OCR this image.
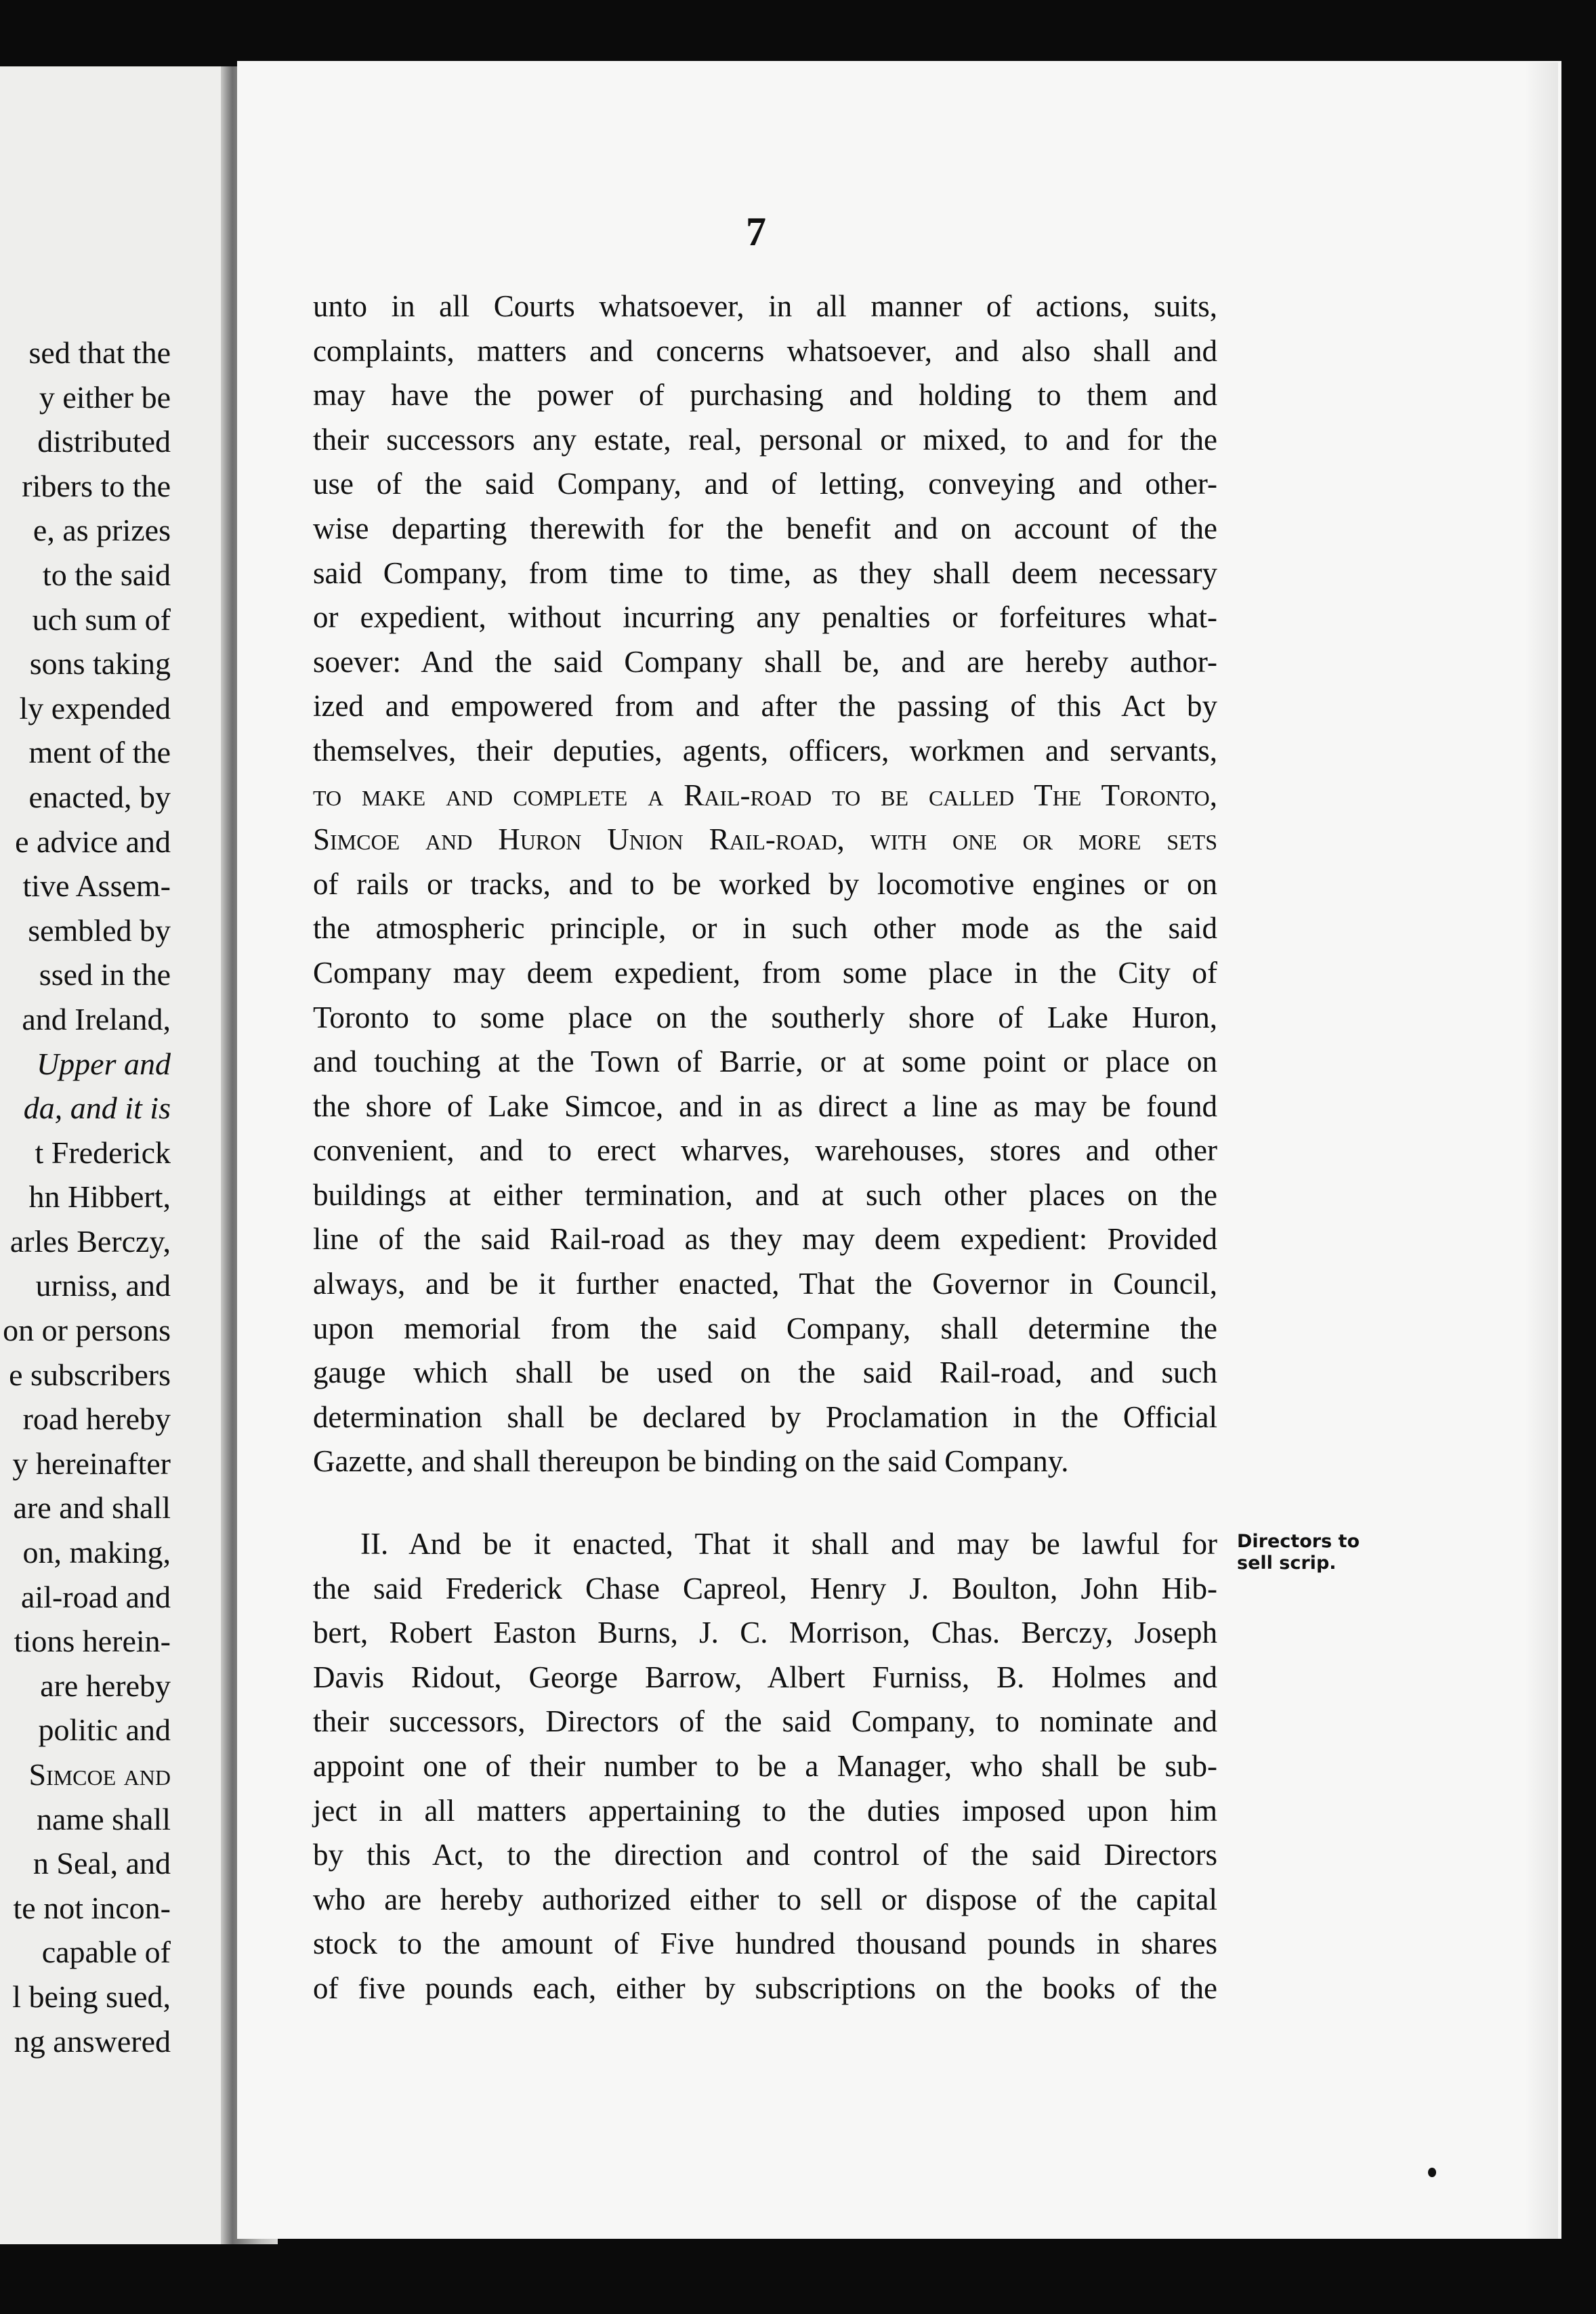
sed that the
y either be
distributed
ribers to the
e, as prizes
to the said
uch sum of
sons taking
ly expended
ment of the
enacted, by
e advice and
tive Assem-
sembled by
ssed in the
and Ireland,
Upper and
da, and it is
t Frederick
hn Hibbert,
arles Berczy,
urniss, and
on or persons
e subscribers
road hereby
y hereinafter
are and shall
on, making,
ail-road and
tions herein-
are hereby
politic and
Simcoe and
name shall
n Seal, and
te not incon-
capable of
l being sued,
ng answered
7
unto in all Courts whatsoever, in all manner of actions, suits,
complaints, matters and concerns whatsoever, and also shall and
may have the power of purchasing and holding to them and
their successors any estate, real, personal or mixed, to and for the
use of the said Company, and of letting, conveying and other-
wise departing therewith for the benefit and on account of the
said Company, from time to time, as they shall deem necessary
or expedient, without incurring any penalties or forfeitures what-
soever: And the said Company shall be, and are hereby author-
ized and empowered from and after the passing of this Act by
themselves, their deputies, agents, officers, workmen and servants,
to make and complete a Rail-road to be called The Toronto,
Simcoe and Huron Union Rail-road, with one or more sets
of rails or tracks, and to be worked by locomotive engines or on
the atmospheric principle, or in such other mode as the said
Company may deem expedient, from some place in the City of
Toronto to some place on the southerly shore of Lake Huron,
and touching at the Town of Barrie, or at some point or place on
the shore of Lake Simcoe, and in as direct a line as may be found
convenient, and to erect wharves, warehouses, stores and other
buildings at either termination, and at such other places on the
line of the said Rail-road as they may deem expedient: Provided
always, and be it further enacted, That the Governor in Council,
upon memorial from the said Company, shall determine the
gauge which shall be used on the said Rail-road, and such
determination shall be declared by Proclamation in the Official
Gazette, and shall thereupon be binding on the said Company.
II. And be it enacted, That it shall and may be lawful for
the said Frederick Chase Capreol, Henry J. Boulton, John Hib-
bert, Robert Easton Burns, J. C. Morrison, Chas. Berczy, Joseph
Davis Ridout, George Barrow, Albert Furniss, B. Holmes and
their successors, Directors of the said Company, to nominate and
appoint one of their number to be a Manager, who shall be sub-
ject in all matters appertaining to the duties imposed upon him
by this Act, to the direction and control of the said Directors
who are hereby authorized either to sell or dispose of the capital
stock to the amount of Five hundred thousand pounds in shares
of five pounds each, either by subscriptions on the books of the
Directors to
sell scrip.
